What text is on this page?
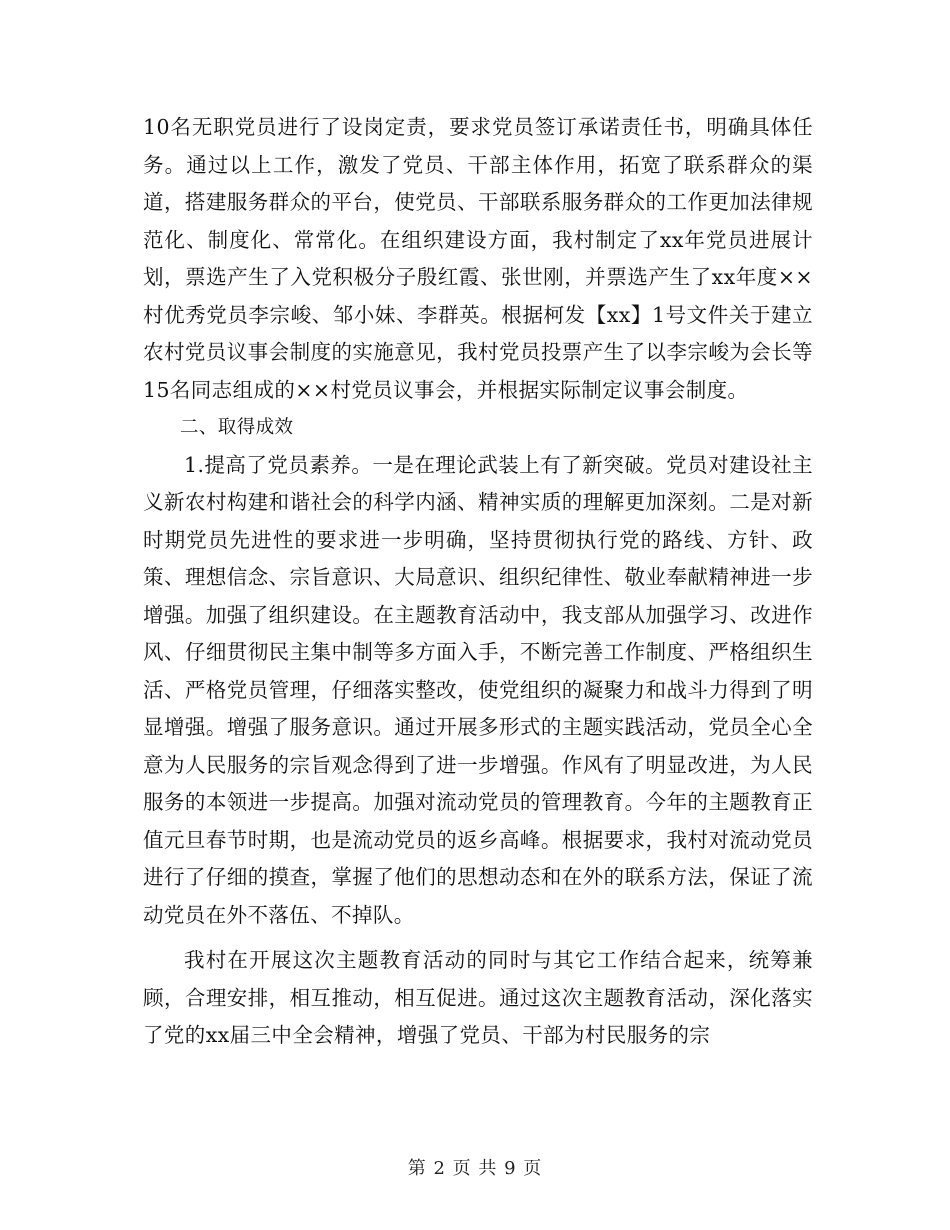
10名无职党员进行了设岗定责，要求党员签订承诺责任书，明确具体任务。通过以上工作，激发了党员、干部主体作用，拓宽了联系群众的渠道，搭建服务群众的平台，使党员、干部联系服务群众的工作更加法律规范化、制度化、常常化。在组织建设方面，我村制定了xx年党员进展计划，票选产生了入党积极分子殷红霞、张世刚，并票选产生了xx年度××村优秀党员李宗峻、邹小妹、李群英。根据柯发【xx】1号文件关于建立农村党员议事会制度的实施意见，我村党员投票产生了以李宗峻为会长等15名同志组成的××村党员议事会，并根据实际制定议事会制度。

二、取得成效

1.提高了党员素养。一是在理论武装上有了新突破。党员对建设社主义新农村构建和谐社会的科学内涵、精神实质的理解更加深刻。二是对新时期党员先进性的要求进一步明确，坚持贯彻执行党的路线、方针、政策、理想信念、宗旨意识、大局意识、组织纪律性、敬业奉献精神进一步增强。加强了组织建设。在主题教育活动中，我支部从加强学习、改进作风、仔细贯彻民主集中制等多方面入手，不断完善工作制度、严格组织生活、严格党员管理，仔细落实整改，使党组织的凝聚力和战斗力得到了明显增强。增强了服务意识。通过开展多形式的主题实践活动，党员全心全意为人民服务的宗旨观念得到了进一步增强。作风有了明显改进，为人民服务的本领进一步提高。加强对流动党员的管理教育。今年的主题教育正值元旦春节时期，也是流动党员的返乡高峰。根据要求，我村对流动党员进行了仔细的摸查，掌握了他们的思想动态和在外的联系方法，保证了流动党员在外不落伍、不掉队。

我村在开展这次主题教育活动的同时与其它工作结合起来，统筹兼顾，合理安排，相互推动，相互促进。通过这次主题教育活动，深化落实了党的xx届三中全会精神，增强了党员、干部为村民服务的宗

第 2 页 共 9 页
